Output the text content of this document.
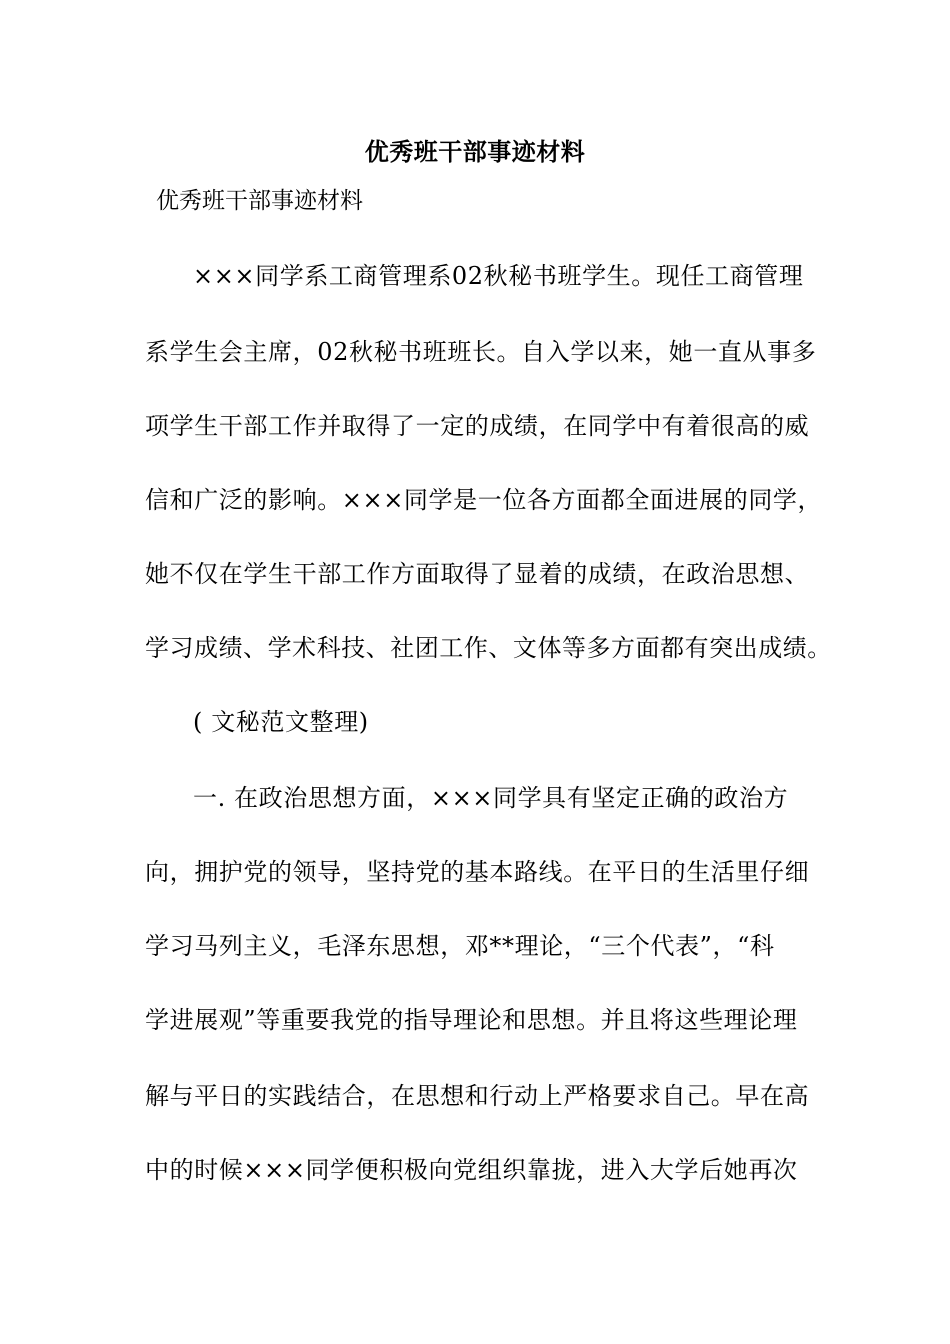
优秀班干部事迹材料
优秀班干部事迹材料
×××同学系工商管理系02秋秘书班学生。现任工商管理
系学生会主席，02秋秘书班班长。自入学以来，她一直从事多
项学生干部工作并取得了一定的成绩，在同学中有着很高的威
信和广泛的影响。×××同学是一位各方面都全面进展的同学，
她不仅在学生干部工作方面取得了显着的成绩，在政治思想、
学习成绩、学术科技、社团工作、文体等多方面都有突出成绩。
( 文秘范文整理)
一. 在政治思想方面，×××同学具有坚定正确的政治方
向，拥护党的领导，坚持党的基本路线。在平日的生活里仔细
学习马列主义，毛泽东思想，邓**理论，“三个代表”，“科
学进展观”等重要我党的指导理论和思想。并且将这些理论理
解与平日的实践结合，在思想和行动上严格要求自己。早在高
中的时候×××同学便积极向党组织靠拢，进入大学后她再次
